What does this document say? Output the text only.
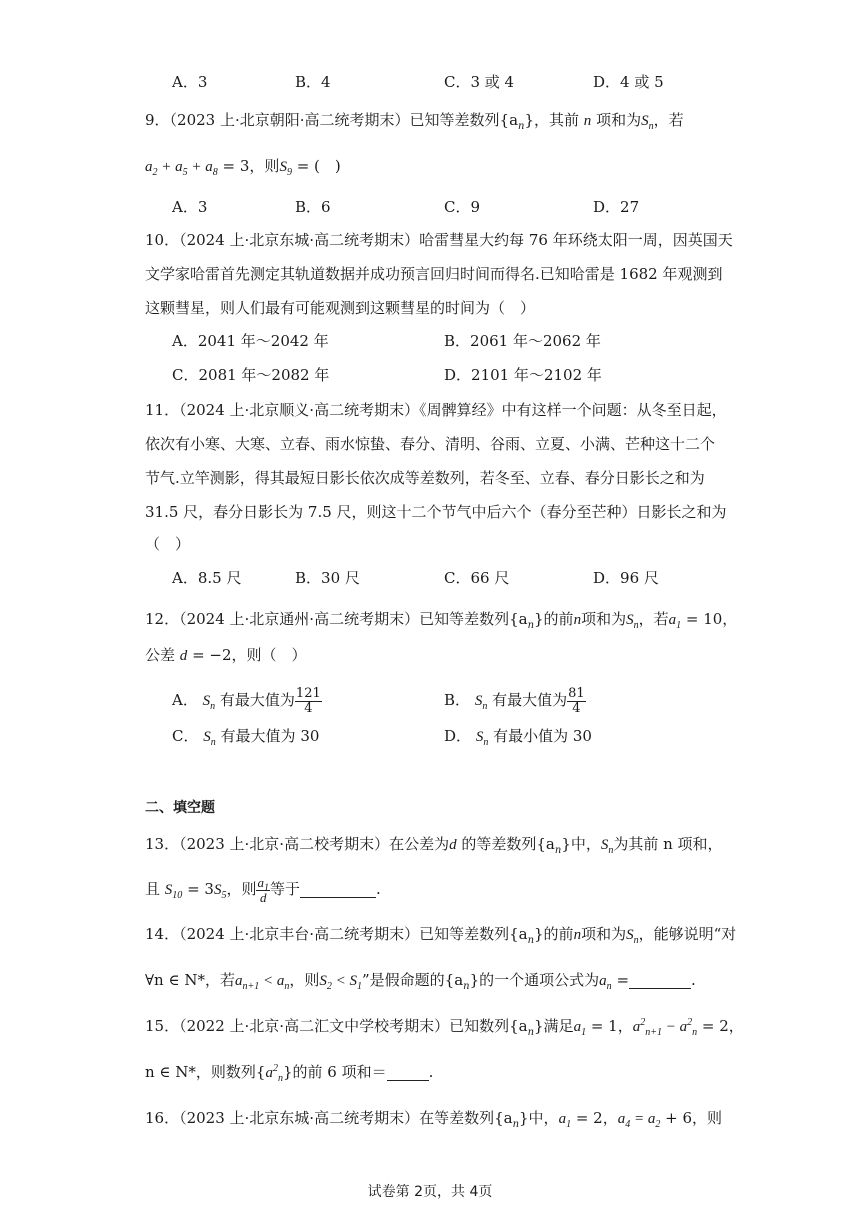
A．3	B．4	C．3 或 4	D．4 或 5
9．（2023 上·北京朝阳·高二统考期末）已知等差数列$\{a_n\}$，其前 n 项和为$S_n$，若
$a_2 + a_5 + a_8 = 3$，则$S_9$ = (　)
A．3	B．6	C．9	D．27
10．（2024 上·北京东城·高二统考期末）哈雷彗星大约每 76 年环绕太阳一周，因英国天
文学家哈雷首先测定其轨道数据并成功预言回归时间而得名.已知哈雷是 1682 年观测到
这颗彗星，则人们最有可能观测到这颗彗星的时间为（　）
A．2041 年～2042 年	B．2061 年～2062 年
C．2081 年～2082 年	D．2101 年～2102 年
11．（2024 上·北京顺义·高二统考期末）《周髀算经》中有这样一个问题：从冬至日起，
依次有小寒、大寒、立春、雨水惊蛰、春分、清明、谷雨、立夏、小满、芒种这十二个
节气.立竿测影，得其最短日影长依次成等差数列，若冬至、立春、春分日影长之和为
31.5 尺，春分日影长为 7.5 尺，则这十二个节气中后六个（春分至芒种）日影长之和为
（　）
A．8.5 尺	B．30 尺	C．66 尺	D．96 尺
12．（2024 上·北京通州·高二统考期末）已知等差数列$\{a_n\}$的前n项和为$S_n$，若$a_1 = 10$，
公差 d = −2，则（　）
A． $S_n$ 有最大值为 $\frac{121}{4}$	B． $S_n$ 有最大值为 $\frac{81}{4}$
C． $S_n$ 有最大值为 30	D． $S_n$ 有最小值为 30
二、填空题
13．（2023 上·北京·高二校考期末）在公差为d 的等差数列$\{a_n\}$中，$S_n$为其前 n 项和，
且 $S_{10} = 3S_5$，则 $\frac{a_1}{d}$ 等于	.
14．（2024 上·北京丰台·高二统考期末）已知等差数列$\{a_n\}$的前n项和为$S_n$，能够说明“对
∀n ∈ N*，若$a_{n+1} < a_n$，则$S_2 < S_1$”是假命题的$\{a_n\}$的一个通项公式为$a_n$ =	.
15．（2022 上·北京·高二汇文中学校考期末）已知数列$\{a_n\}$满足$a_1 = 1$，$a^2_{n+1} - a^2_n = 2$，
n ∈ N*，则数列$\{a^2_n\}$的前 6 项和＝	.
16．（2023 上·北京东城·高二统考期末）在等差数列$\{a_n\}$中，$a_1 = 2$，$a_4 = a_2 + 6$，则
试卷第 2页，共 4页
